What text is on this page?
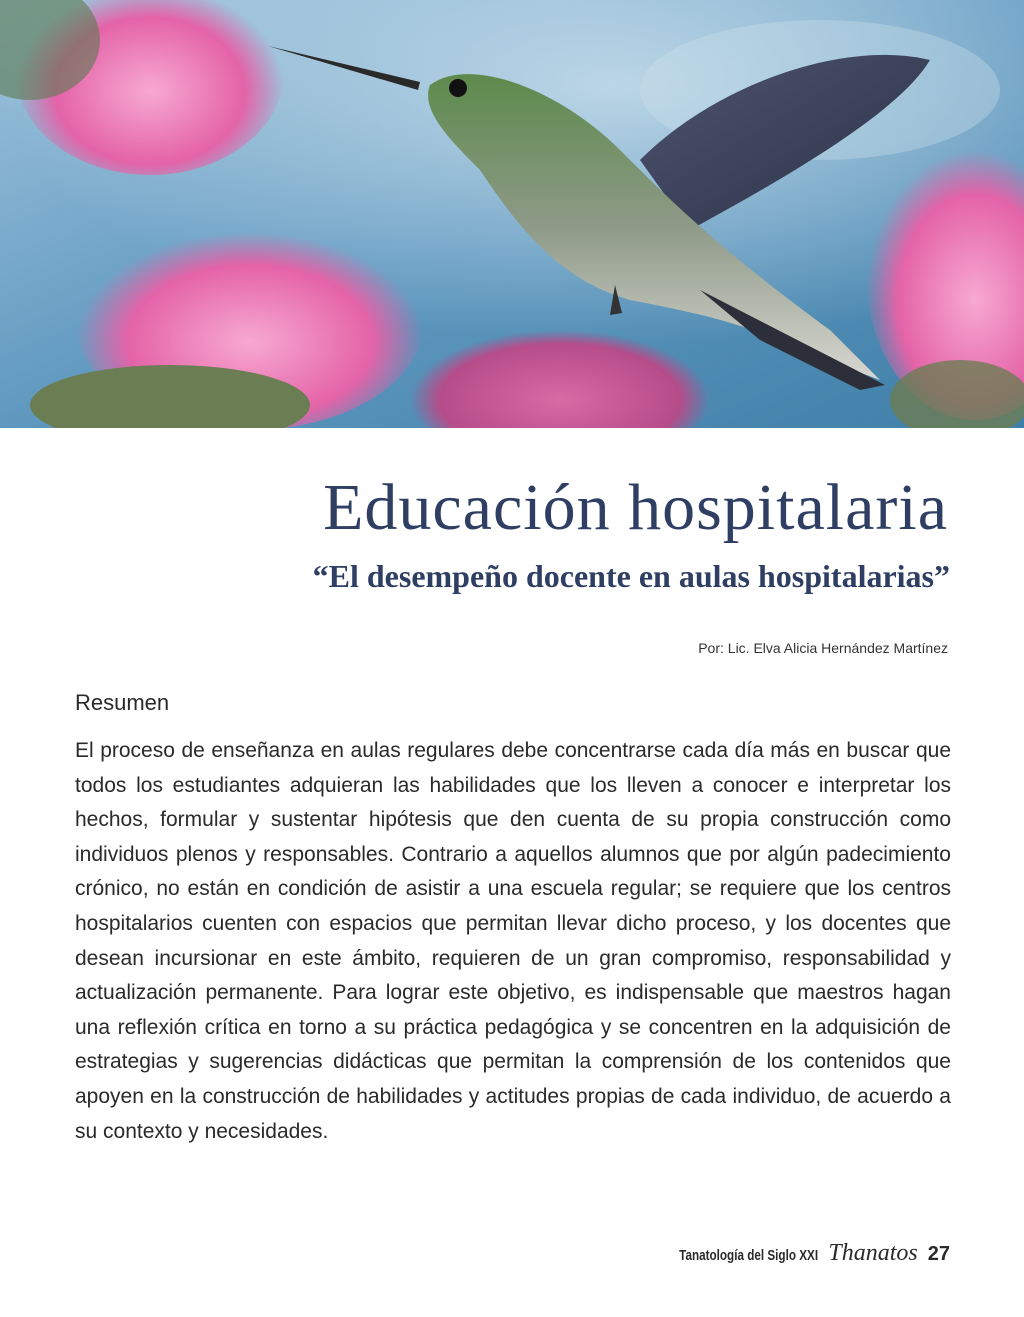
Educación hospitalaria
“El desempeño docente en aulas hospitalarias”
Por: Lic. Elva Alicia Hernández Martínez
Resumen

El proceso de enseñanza en aulas regulares debe concentrarse cada día más en buscar que todos los estudiantes adquieran las habilidades que los lleven a conocer e interpretar los hechos, formular y sustentar hipótesis que den cuenta de su propia construcción como individuos plenos y responsables. Contrario a aquellos alumnos que por algún padecimiento crónico, no están en condición de asistir a una escuela regular; se requiere que los centros hospitalarios cuenten con espacios que permitan llevar dicho proceso, y los docentes que desean incursionar en este ámbito, requieren de un gran compromiso, responsabilidad y actualización permanente. Para lograr este objetivo, es indispensable que maestros hagan una reflexión crítica en torno a su práctica pedagógica y se concentren en la adquisición de estrategias y sugerencias didácticas que permitan la comprensión de los contenidos que apoyen en la construcción de habilidades y actitudes propias de cada individuo, de acuerdo a su contexto y necesidades.

Tanatología del Siglo XXI Thanatos 27
